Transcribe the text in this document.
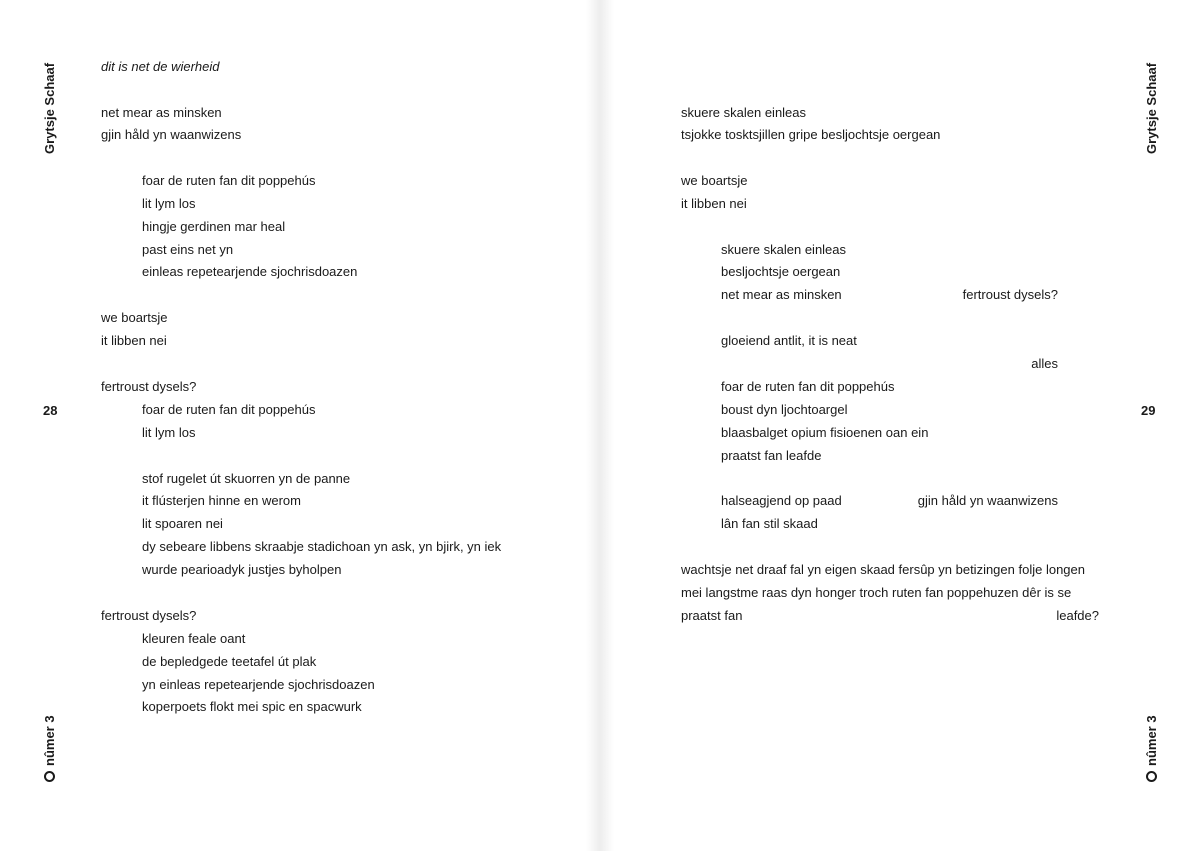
Grytsje Schaaf
28
nûmer 3
dit is net de wierheid
net mear as minsken
gjin håld yn waanwizens
foar de ruten fan dit poppehús
lit lym los
hingje gerdinen mar heal
past eins net yn
einleas repetearjende sjochrisdoazen
we boartsje
it libben nei
fertroust dysels?
foar de ruten fan dit poppehús
lit lym los
stof rugelet út skuorren yn de panne
it flústerjen hinne en werom
lit spoaren nei
dy sebeare libbens skraabje stadichoan yn ask, yn bjirk, yn iek
wurde pearioadyk justjes byholpen
fertroust dysels?
kleuren feale oant
de bepledgede teetafel út plak
yn einleas repetearjende sjochrisdoazen
koperpoets flokt mei spic en spacwurk
Grytsje Schaaf
29
nûmer 3
skuere skalen einleas
tsjokke tosktsjillen gripe besljochtsje oergean
we boartsje
it libben nei
skuere skalen einleas
besljochtsje oergean
net mear as minsken	fertroust dysels?
gloeiend antlit, it is neat
alles
foar de ruten fan dit poppehús
boust dyn ljochtoargel
blaasbalget opium fisioenen oan ein
praatst fan leafde
halseagjend op paad	gjin håld yn waanwizens
lân fan stil skaad
wachtsje net draaf fal yn eigen skaad fersûp yn betizingen folje longen
mei langstme raas dyn honger troch ruten fan poppehuzen dêr is se
praatst fan	leafde?
